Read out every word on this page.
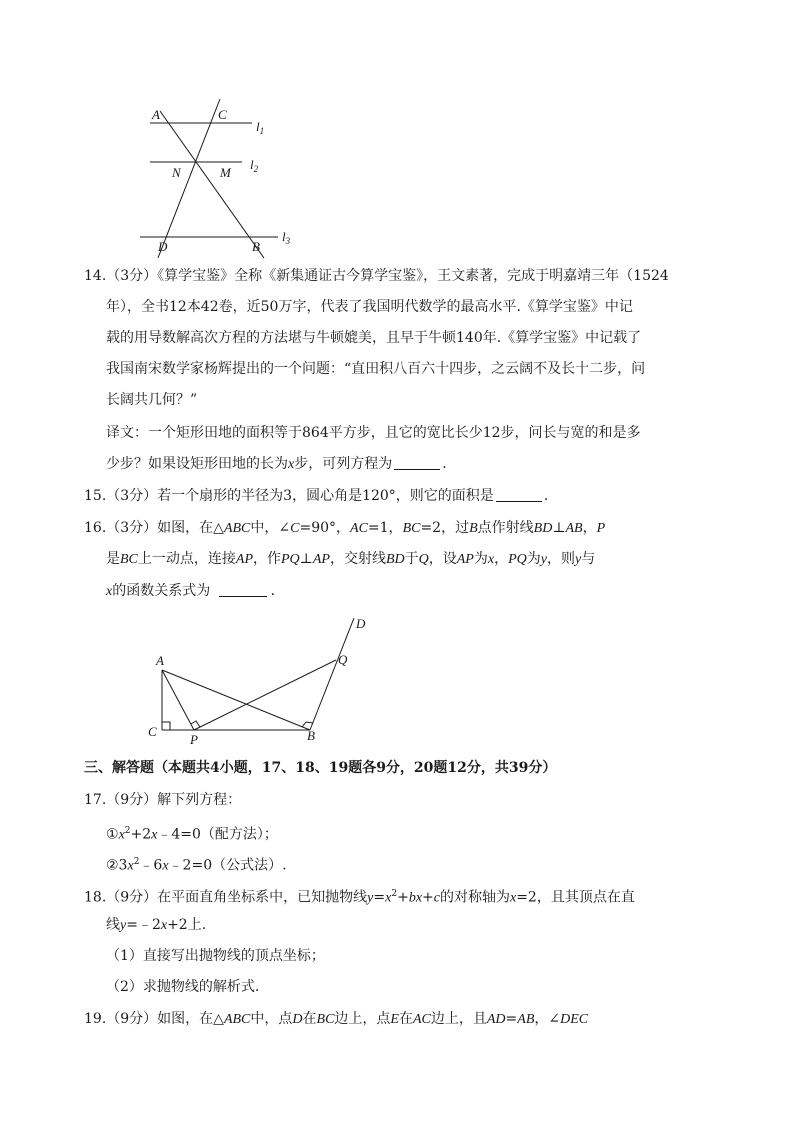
A	C
N	M
D	B
$l_1$
$l_2$
$l_3$
14.（3分）《算学宝鉴》全称《新集通证古今算学宝鉴》，王文素著，完成于明嘉靖三年（1524
年），全书12本42卷，近50万字，代表了我国明代数学的最高水平.《算学宝鉴》中记
载的用导数解高次方程的方法堪与牛顿媲美，且早于牛顿140年.《算学宝鉴》中记载了
我国南宋数学家杨辉提出的一个问题：“直田积八百六十四步，之云阔不及长十二步，问
长阔共几何？”
译文：一个矩形田地的面积等于864平方步，且它的宽比长少12步，问长与宽的和是多
少步？如果设矩形田地的长为x步，可列方程为	.
15.（3分）若一个扇形的半径为3，圆心角是120°，则它的面积是	.
16.（3分）如图，在△ABC中，∠C=90°，AC=1，BC=2，过B点作射线BD⊥AB，P
是BC上一动点，连接AP，作PQ⊥AP，交射线BD于Q，设AP为x，PQ为y，则y与
x的函数关系式为	.
A
C
P	B
Q
D
三、解答题（本题共4小题，17、18、19题各9分，20题12分，共39分）
17.（9分）解下列方程：
$①x^2+2x﹣4=0$（配方法）；
$②3x^2﹣6x﹣2=0$（公式法）.
18.（9分）在平面直角坐标系中，已知抛物线$y=x^2+bx+c$的对称轴为x=2，且其顶点在直
线y=﹣2x+2上.
（1）直接写出抛物线的顶点坐标；
（2）求抛物线的解析式.
19.（9分）如图，在△ABC中，点D在BC边上，点E在AC边上，且AD=AB，∠DEC
